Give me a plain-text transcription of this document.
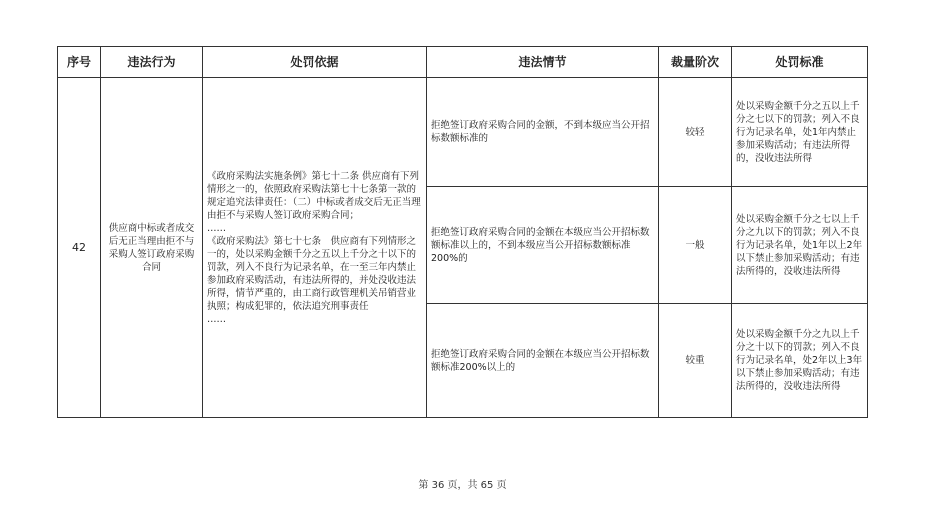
序号	违法行为	处罚依据	违法情节	裁量阶次	处罚标准
42	供应商中标或者成交后无正当理由拒不与采购人签订政府采购合同	《政府采购法实施条例》第七十二条 供应商有下列情形之一的，依照政府采购法第七十七条第一款的规定追究法律责任：（二）中标或者成交后无正当理由拒不与采购人签订政府采购合同；

……

《政府采购法》第七十七条　供应商有下列情形之一的，处以采购金额千分之五以上千分之十以下的罚款，列入不良行为记录名单，在一至三年内禁止参加政府采购活动，有违法所得的，并处没收违法所得，情节严重的，由工商行政管理机关吊销营业执照；构成犯罪的，依法追究刑事责任

……	拒绝签订政府采购合同的金额，不到本级应当公开招标数额标准的	较轻	处以采购金额千分之五以上千分之七以下的罚款；列入不良行为记录名单，处1年内禁止参加采购活动；有违法所得的，没收违法所得
			拒绝签订政府采购合同的金额在本级应当公开招标数额标准以上的，不到本级应当公开招标数额标准200%的	一般	处以采购金额千分之七以上千分之九以下的罚款；列入不良行为记录名单，处1年以上2年以下禁止参加采购活动；有违法所得的，没收违法所得
			拒绝签订政府采购合同的金额在本级应当公开招标数额标准200%以上的	较重	处以采购金额千分之九以上千分之十以下的罚款；列入不良行为记录名单，处2年以上3年以下禁止参加采购活动；有违法所得的，没收违法所得
第 36 页，共 65 页
